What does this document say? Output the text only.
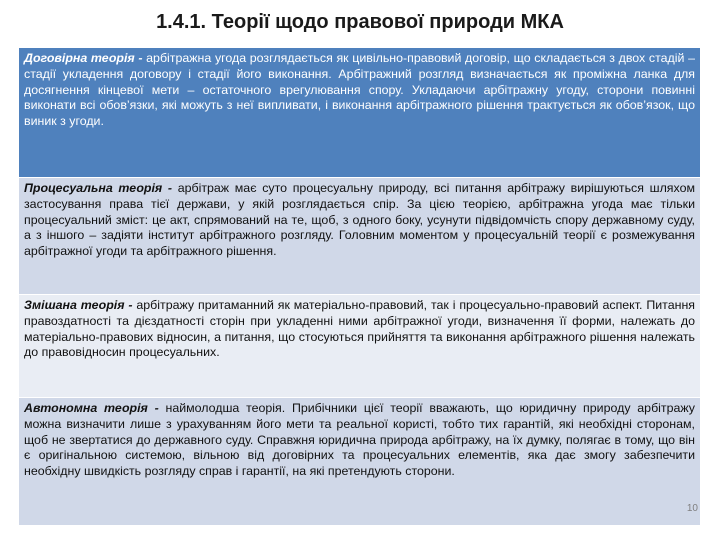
1.4.1. Теорії щодо правової природи МКА
Договірна теорія - арбітражна угода розглядається як цивільно-правовий договір, що складається з двох стадій – стадії укладення договору і стадії його виконання. Арбітражний розгляд визначається як проміжна ланка для досягнення кінцевої мети – остаточного врегулювання спору. Укладаючи арбітражну угоду, сторони повинні виконати всі обов’язки, які можуть з неї випливати, і виконання арбітражного рішення трактується як обов’язок, що виник з угоди.
Процесуальна теорія - арбітраж має суто процесуальну природу, всі питання арбітражу вирішуються шляхом застосування права тієї держави, у якій розглядається спір. За цією теорією, арбітражна угода має тільки процесуальний зміст: це акт, спрямований на те, щоб, з одного боку, усунути підвідомчість спору державному суду, а з іншого – задіяти інститут арбітражного розгляду. Головним моментом у процесуальній теорії є розмежування арбітражної угоди та арбітражного рішення.
Змішана теорія - арбітражу притаманний як матеріально-правовий, так і процесуально-правовий аспект. Питання правоздатності та дієздатності сторін при укладенні ними арбітражної угоди, визначення її форми, належать до матеріально-правових відносин, а питання, що стосуються прийняття та виконання арбітражного рішення належать до правовідносин процесуальних.
Автономна теорія - наймолодша теорія. Прибічники цієї теорії вважають, що юридичну природу арбітражу можна визначити лише з урахуванням його мети та реальної користі, тобто тих гарантій, які необхідні сторонам, щоб не звертатися до державного суду. Справжня юридична природа арбітражу, на їх думку, полягає в тому, що він є оригінальною системою, вільною від договірних та процесуальних елементів, яка дає змогу забезпечити необхідну швидкість розгляду справ і гарантії, на які претендують сторони.
10
